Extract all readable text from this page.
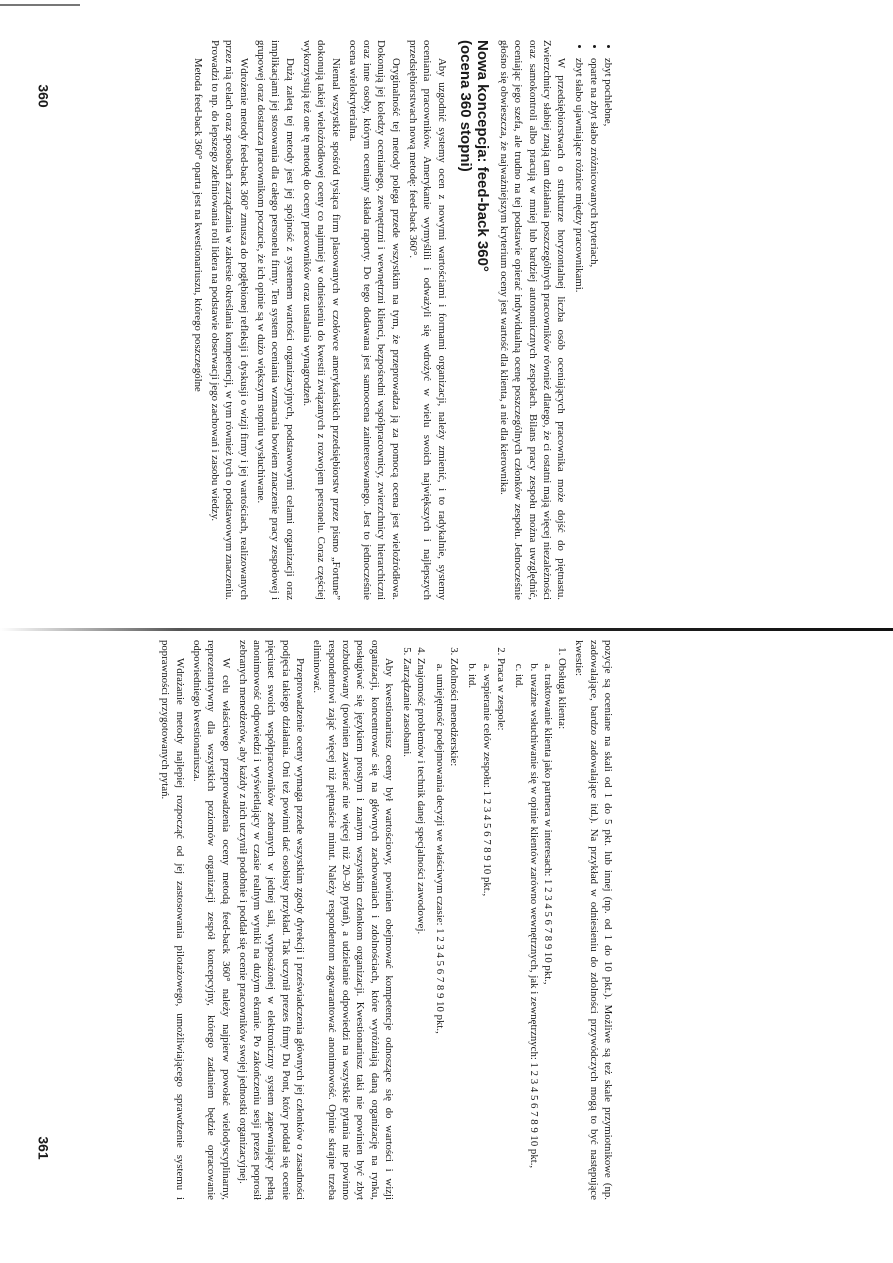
• zbyt pochlebne,
• oparte na zbyt słabo zróżnicowanych kryteriach,
• zbyt słabo ujawniające różnice między pracownikami.

W przedsiębiorstwach o strukturze horyzontalnej liczba osób oceniających pracownika może dojść do piętnastu. Zwierzchnicy słabiej znają tam działania poszczególnych pracowników również dlatego, że ci ostatni mają więcej niezależności oraz samokontroli albo pracują w mniej lub bardziej autonomicznych zespołach. Bilans pracy zespołu można uwzględnić, oceniając jego szefa, ale trudno na tej podstawie opierać indywidualną ocenę poszczególnych członków zespołu. Jednocześnie głośno się obwieszcza, że najważniejszym kryterium oceny jest wartość dla klienta, a nie dla kierownika.

Nowa koncepcja: feed-back 360°
(ocena 360 stopni)

Aby uzgodnić systemy ocen z nowymi wartościami i formami organizacji, należy zmienić, i to radykalnie, systemy oceniania pracowników. Amerykanie wymyślili i odważyli się wdrożyć w wielu swoich największych i najlepszych przedsiębiorstwach nową metodę: feed-back 360°.

Oryginalność tej metody polega przede wszystkim na tym, że przeprowadza ją za pomocą ocena jest wieloźródłowa. Dokonują jej koledzy ocenianego, zewnętrzni i wewnętrzni klienci, bezpośredni współpracownicy, zwierzchnicy hierarchiczni oraz inne osoby, którym oceniany składa raporty. Do tego dodawana jest samoocena zainteresowanego. Jest to jednocześnie ocena wielokryterialna.

Niemal wszystkie spośród tysiąca firm plasowanych w czołówce amerykańskich przedsiębiorstw przez pismo „Fortune” dokonują takiej wieloźródłowej oceny co najmniej w odniesieniu do kwestii związanych z rozwojem personelu. Coraz częściej wykorzystują też one tę metodę do oceny pracowników oraz ustalania wynagrodzeń.

Dużą zaletą tej metody jest jej spójność z systemem wartości organizacyjnych, podstawowymi celami organizacji oraz implikacjami jej stosowania dla całego personelu firmy. Ten system oceniania wzmacnia bowiem znaczenie pracy zespołowej i grupowej oraz dostarcza pracownikom poczucie, że ich opinie są w dużo większym stopniu wysłuchiwane.

Wdrożenie metody feed-back 360° zmusza do pogłębionej refleksji i dyskusji o wizji firmy i jej wartościach, realizowanych przez nią celach oraz sposobach zarządzania w zakresie określania kompetencji, w tym również tych o podstawowym znaczeniu. Prowadzi to np. do lepszego zdefiniowania roli lidera na podstawie obserwacji jego zachowań i zasobu wiedzy.

Metoda feed-back 360° oparta jest na kwestionariuszu, którego poszczególne

360

pozycje są oceniane na skali od 1 do 5 pkt. lub innej (np. od 1 do 10 pkt.). Możliwe są też skale przymiotnikowe (np. zadowalające, bardzo zadowalające itd.). Na przykład w odniesieniu do zdolności przywódczych mogą to być następujące kwestie:

1. Obsługa klienta:
a. traktowanie klienta jako partnera w interesach: 1 2 3 4 5 6 7 8 9 10 pkt.,
b. uważne wsłuchiwanie się w opinie klientów zarówno wewnętrznych, jak i zewnętrznych: 1 2 3 4 5 6 7 8 9 10 pkt.,
c. itd.
2. Praca w zespole:
a. wspieranie celów zespołu: 1 2 3 4 5 6 7 8 9 10 pkt.,
b. itd.
3. Zdolności menedżerskie:
a. umiejętność podejmowania decyzji we właściwym czasie: 1 2 3 4 5 6 7 8 9 10 pkt.,
4. Znajomość problemów i technik danej specjalności zawodowej.
5. Zarządzanie zasobami.

Aby kwestionariusz oceny był wartościowy, powinien obejmować kompetencje odnoszące się do wartości i wizji organizacji, koncentrować się na głównych zachowaniach i zdolnościach, które wyróżniają daną organizację na rynku, posługiwać się językiem prostym i znanym wszystkim członkom organizacji. Kwestionariusz taki nie powinien być zbyt rozbudowany (powinien zawierać nie więcej niż 20–30 pytań), a udzielanie odpowiedzi na wszystkie pytania nie powinno respondentowi zająć więcej niż piętnaście minut. Należy respondentom zagwarantować anonimowość. Opinie skrajne trzeba eliminować.

Przeprowadzenie oceny wymaga przede wszystkim zgody dyrekcji i przeświadczenia głównych jej członków o zasadności podjęcia takiego działania. Oni też powinni dać osobisty przykład. Tak uczynił prezes firmy Du Pont, który poddał się ocenie pięciuset swoich współpracowników zebranych w jednej sali, wyposażonej w elektroniczny system zapewniający pełną anonimowość odpowiedzi i wyświetlający w czasie realnym wyniki na dużym ekranie. Po zakończeniu sesji prezes poprosił zebranych menedżerów, aby każdy z nich uczynił podobnie i poddał się ocenie pracowników swojej jednostki organizacyjnej.

W celu właściwego przeprowadzenia oceny metodą feed-back 360° należy najpierw powołać wielodyscyplinarny, reprezentatywny dla wszystkich poziomów organizacji zespół koncepcyjny, którego zadaniem będzie opracowanie odpowiedniego kwestionariusza.

Wdrażanie metody najlepiej rozpocząć od jej zastosowania pilotażowego, umożliwiającego sprawdzenie systemu i poprawności przygotowanych pytań.

361
